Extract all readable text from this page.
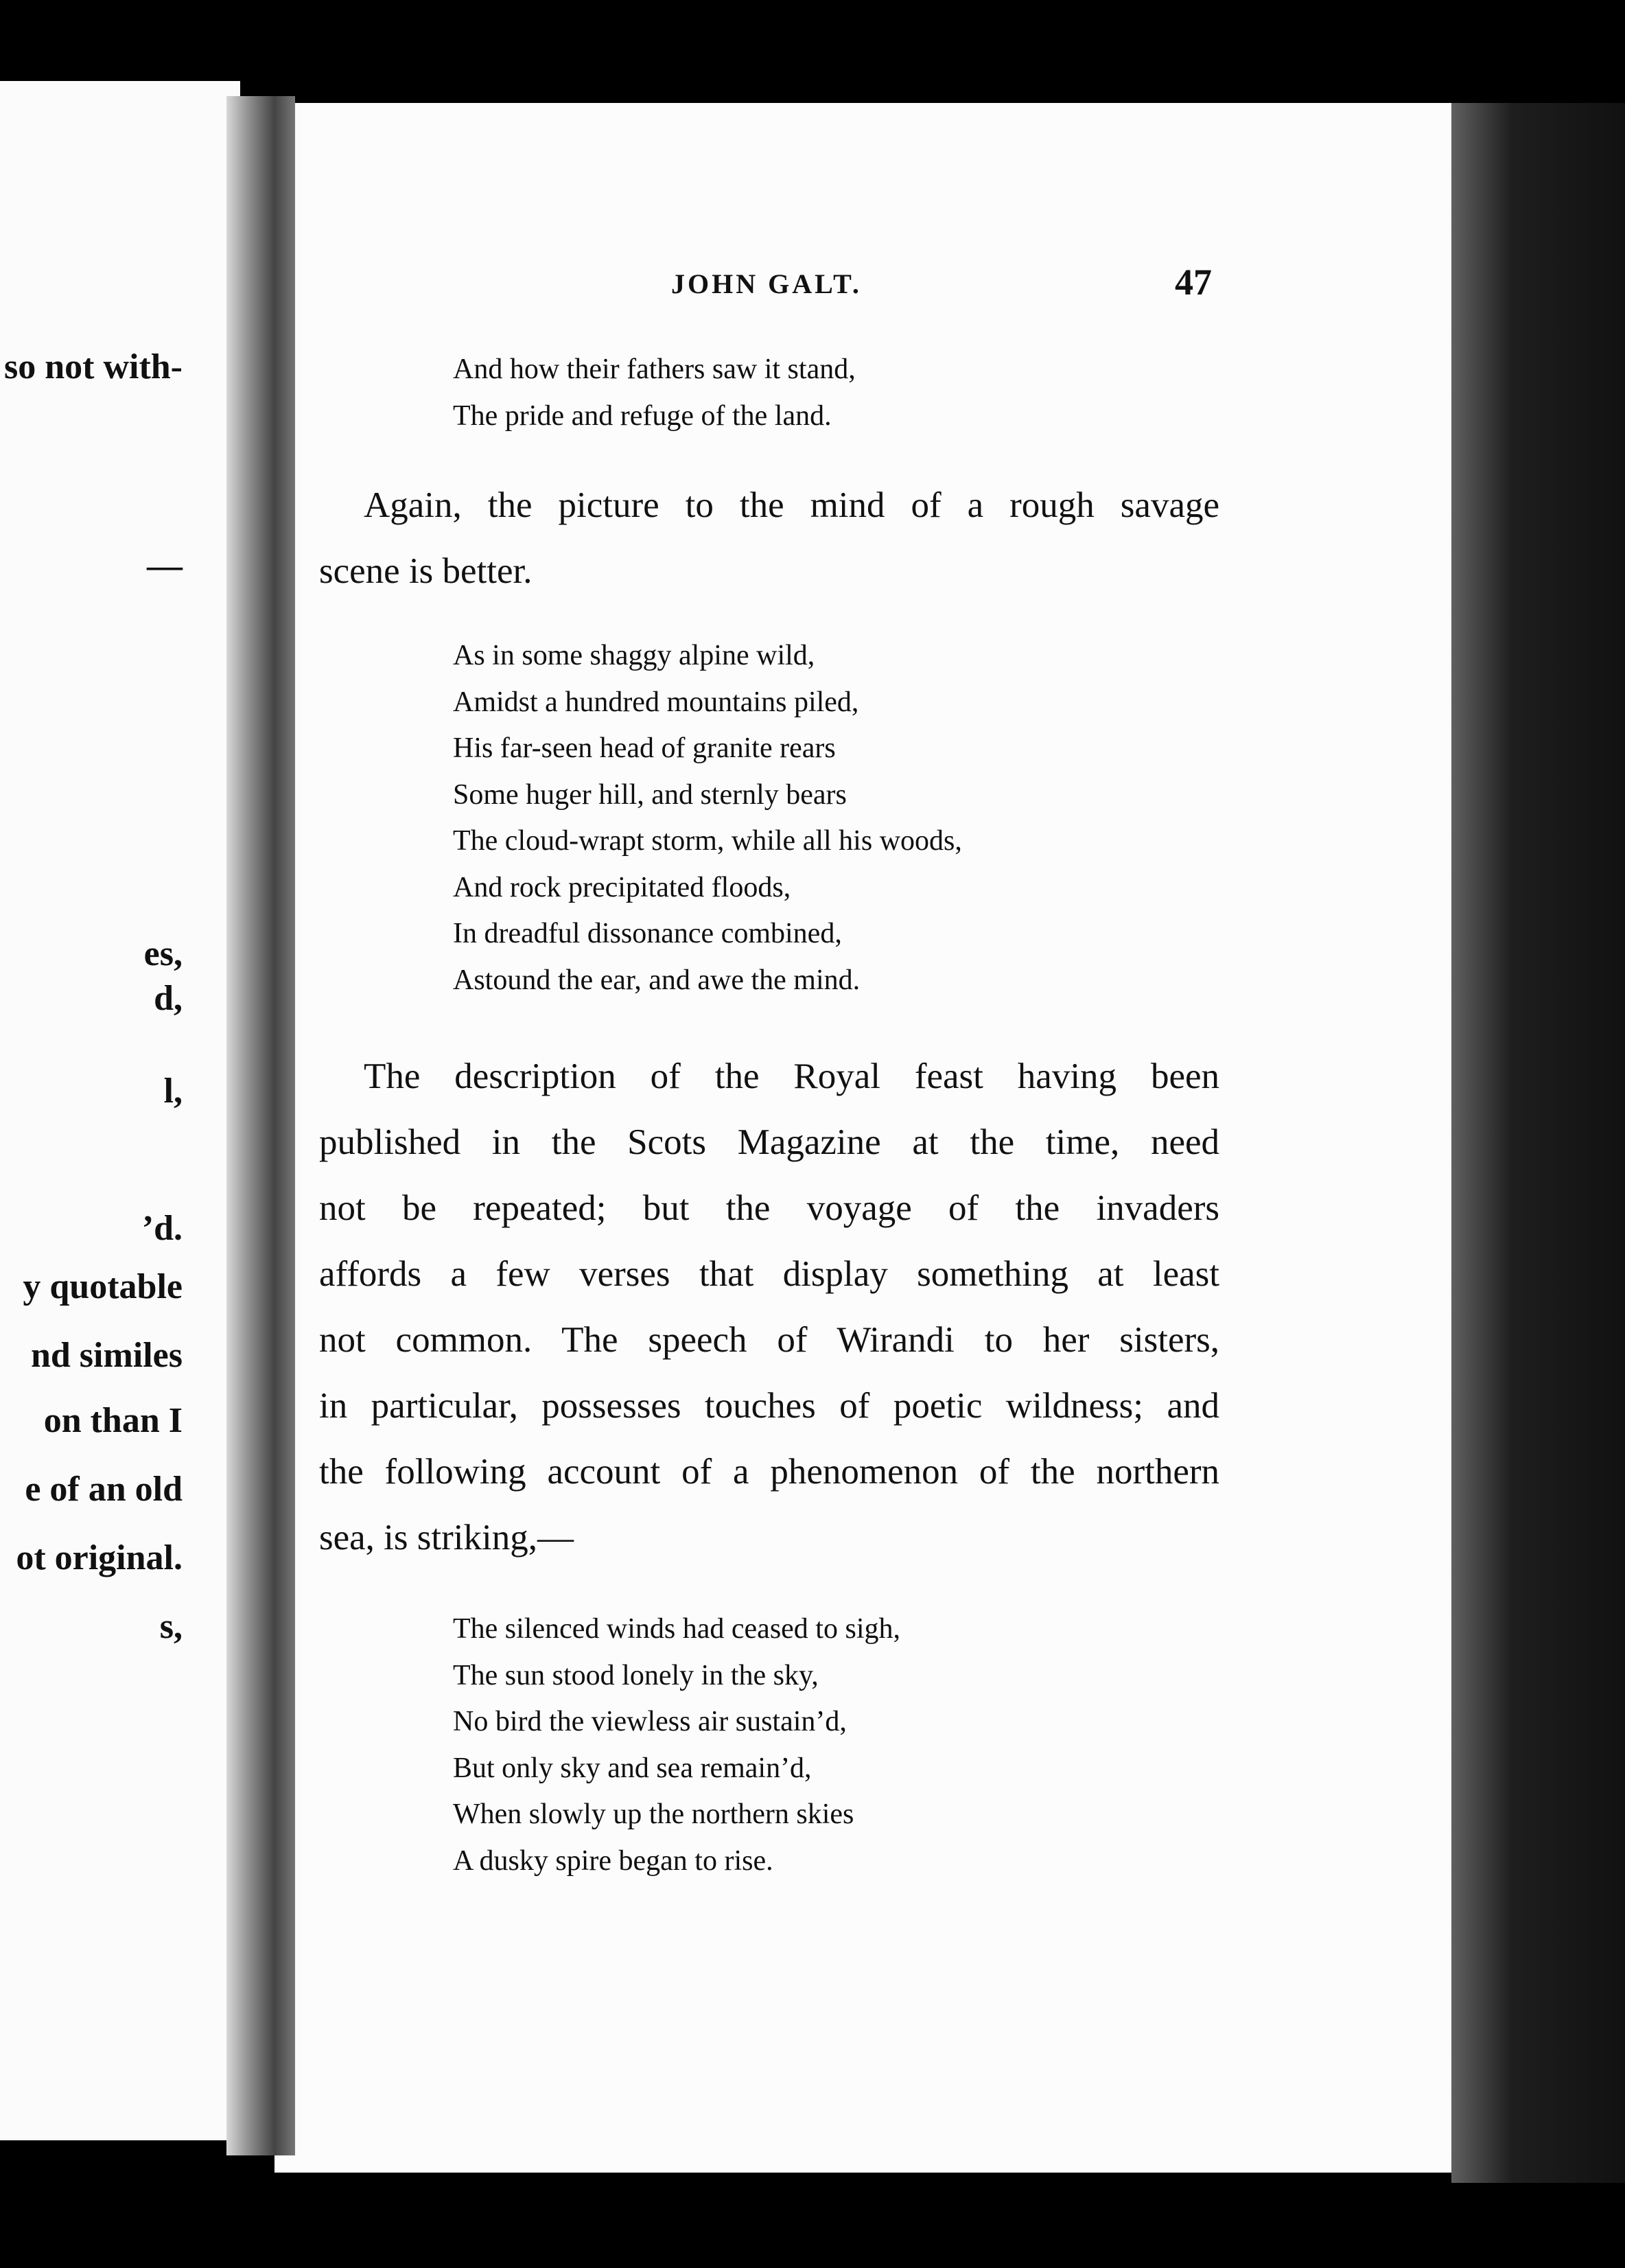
so not with-
—
es,
d,
l,
’d.
y quotable
nd similes
on than I
e of an old
ot original.
s,

JOHN GALT.	47
And how their fathers saw it stand,
The pride and refuge of the land.
Again, the picture to the mind of a rough savage
scene is better.
As in some shaggy alpine wild,
Amidst a hundred mountains piled,
His far-seen head of granite rears
Some huger hill, and sternly bears
The cloud-wrapt storm, while all his woods,
And rock precipitated floods,
In dreadful dissonance combined,
Astound the ear, and awe the mind.
The description of the Royal feast having been
published in the Scots Magazine at the time, need
not be repeated; but the voyage of the invaders
affords a few verses that display something at least
not common. The speech of Wirandi to her sisters,
in particular, possesses touches of poetic wildness; and
the following account of a phenomenon of the northern
sea, is striking,—
The silenced winds had ceased to sigh,
The sun stood lonely in the sky,
No bird the viewless air sustain’d,
But only sky and sea remain’d,
When slowly up the northern skies
A dusky spire began to rise.
